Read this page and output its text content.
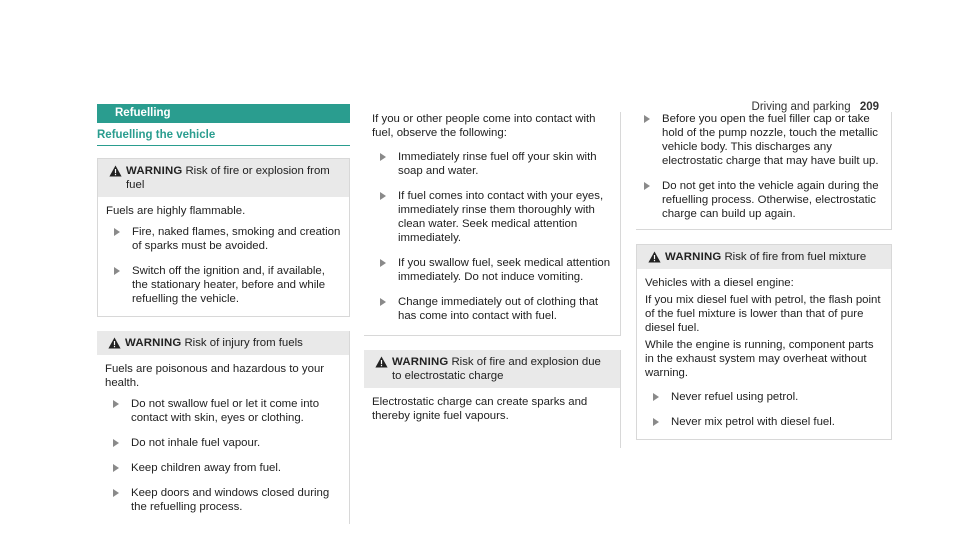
Driving and parking 209
Refuelling
Refuelling the vehicle
WARNING Risk of fire or explosion from fuel
Fuels are highly flammable.
Fire, naked flames, smoking and creation of sparks must be avoided.
Switch off the ignition and, if available, the stationary heater, before and while refuelling the vehicle.
WARNING Risk of injury from fuels
Fuels are poisonous and hazardous to your health.
Do not swallow fuel or let it come into contact with skin, eyes or clothing.
Do not inhale fuel vapour.
Keep children away from fuel.
Keep doors and windows closed during the refuelling process.
If you or other people come into contact with fuel, observe the following:
Immediately rinse fuel off your skin with soap and water.
If fuel comes into contact with your eyes, immediately rinse them thoroughly with clean water. Seek medical attention immediately.
If you swallow fuel, seek medical attention immediately. Do not induce vomiting.
Change immediately out of clothing that has come into contact with fuel.
WARNING Risk of fire and explosion due to electrostatic charge
Electrostatic charge can create sparks and thereby ignite fuel vapours.
Before you open the fuel filler cap or take hold of the pump nozzle, touch the metallic vehicle body. This discharges any electrostatic charge that may have built up.
Do not get into the vehicle again during the refuelling process. Otherwise, electrostatic charge can build up again.
WARNING Risk of fire from fuel mixture
Vehicles with a diesel engine:
If you mix diesel fuel with petrol, the flash point of the fuel mixture is lower than that of pure diesel fuel.
While the engine is running, component parts in the exhaust system may overheat without warning.
Never refuel using petrol.
Never mix petrol with diesel fuel.
